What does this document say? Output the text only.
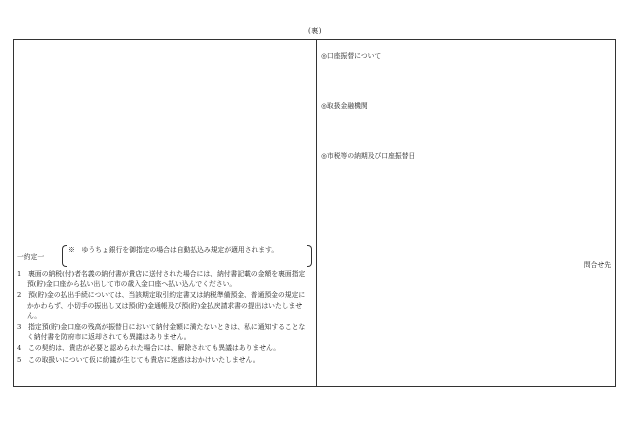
(裏)
一約定一
※　ゆうちょ銀行を御指定の場合は自動払込み規定が適用されます。
1　裏面の納税(付)者名義の納付書が貴店に送付された場合には、納付書記載の金額を裏面指定預(貯)金口座から払い出して市の歳入金口座へ払い込んでください。
2　預(貯)金の払出手続については、当該期定取引約定書又は納税準備預金、普通預金の規定にかかわらず、小切手の振出し又は預(貯)金通帳及び預(貯)金払戻請求書の提出はいたしません。
3　指定預(貯)金口座の残高が振替日において納付金額に満たないときは、私に通知することなく納付書を防府市に返却されても異議はありません。
4　この契約は、貴店が必要と認められた場合には、解除されても異議はありません。
5　この取扱いについて仮に紛議が生じても貴店に迷惑はおかけいたしません。
◎口座振替について
◎取扱金融機関
◎市税等の納期及び口座振替日
問合せ先
